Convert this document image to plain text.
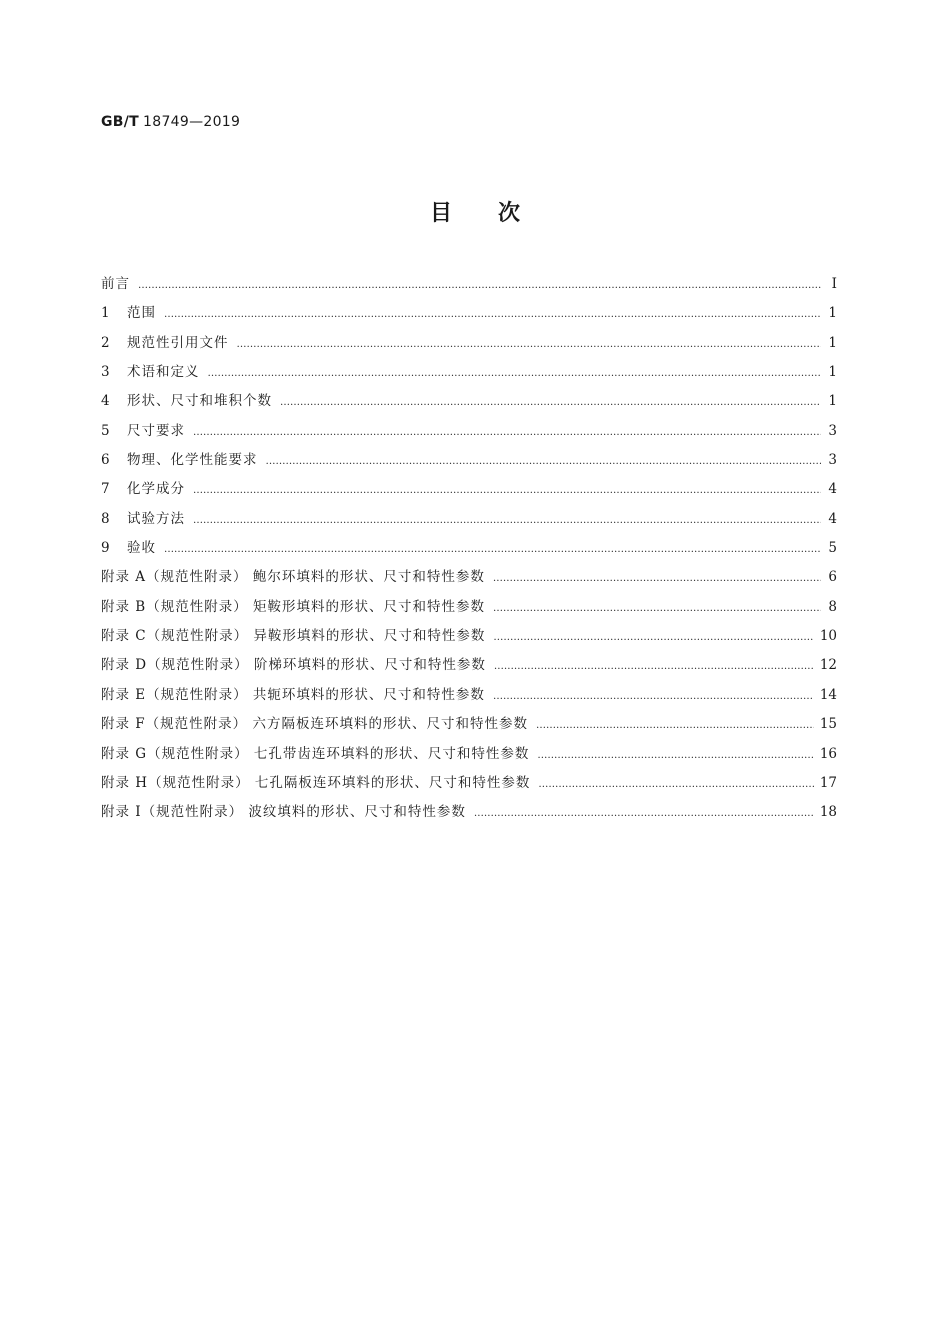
GB/T 18749—2019
目 次
前言 …………………………………………………………………………………………………………………………………………………………………………………………………	Ⅰ
1 范围 …………………………………………………………………………………………………………………………………………………………………………………………………	1
2 规范性引用文件 …………………………………………………………………………………………………………………………………………………………………………………………………	1
3 术语和定义 …………………………………………………………………………………………………………………………………………………………………………………………………	1
4 形状、尺寸和堆积个数 …………………………………………………………………………………………………………………………………………………………………………………………………	1
5 尺寸要求 …………………………………………………………………………………………………………………………………………………………………………………………………	3
6 物理、化学性能要求 …………………………………………………………………………………………………………………………………………………………………………………………………	3
7 化学成分 …………………………………………………………………………………………………………………………………………………………………………………………………	4
8 试验方法 …………………………………………………………………………………………………………………………………………………………………………………………………	4
9 验收 …………………………………………………………………………………………………………………………………………………………………………………………………	5
附录 A（规范性附录） 鲍尔环填料的形状、尺寸和特性参数 …………………………………………………………………………………………………………………………………………………………………………………………………	6
附录 B（规范性附录） 矩鞍形填料的形状、尺寸和特性参数 …………………………………………………………………………………………………………………………………………………………………………………………………	8
附录 C（规范性附录） 异鞍形填料的形状、尺寸和特性参数 …………………………………………………………………………………………………………………………………………………………………………………………………	10
附录 D（规范性附录） 阶梯环填料的形状、尺寸和特性参数 …………………………………………………………………………………………………………………………………………………………………………………………………	12
附录 E（规范性附录） 共轭环填料的形状、尺寸和特性参数 …………………………………………………………………………………………………………………………………………………………………………………………………	14
附录 F（规范性附录） 六方隔板连环填料的形状、尺寸和特性参数 …………………………………………………………………………………………………………………………………………………………………………………………………	15
附录 G（规范性附录） 七孔带齿连环填料的形状、尺寸和特性参数 …………………………………………………………………………………………………………………………………………………………………………………………………	16
附录 H（规范性附录） 七孔隔板连环填料的形状、尺寸和特性参数 …………………………………………………………………………………………………………………………………………………………………………………………………	17
附录 I（规范性附录） 波纹填料的形状、尺寸和特性参数 …………………………………………………………………………………………………………………………………………………………………………………………………	18
